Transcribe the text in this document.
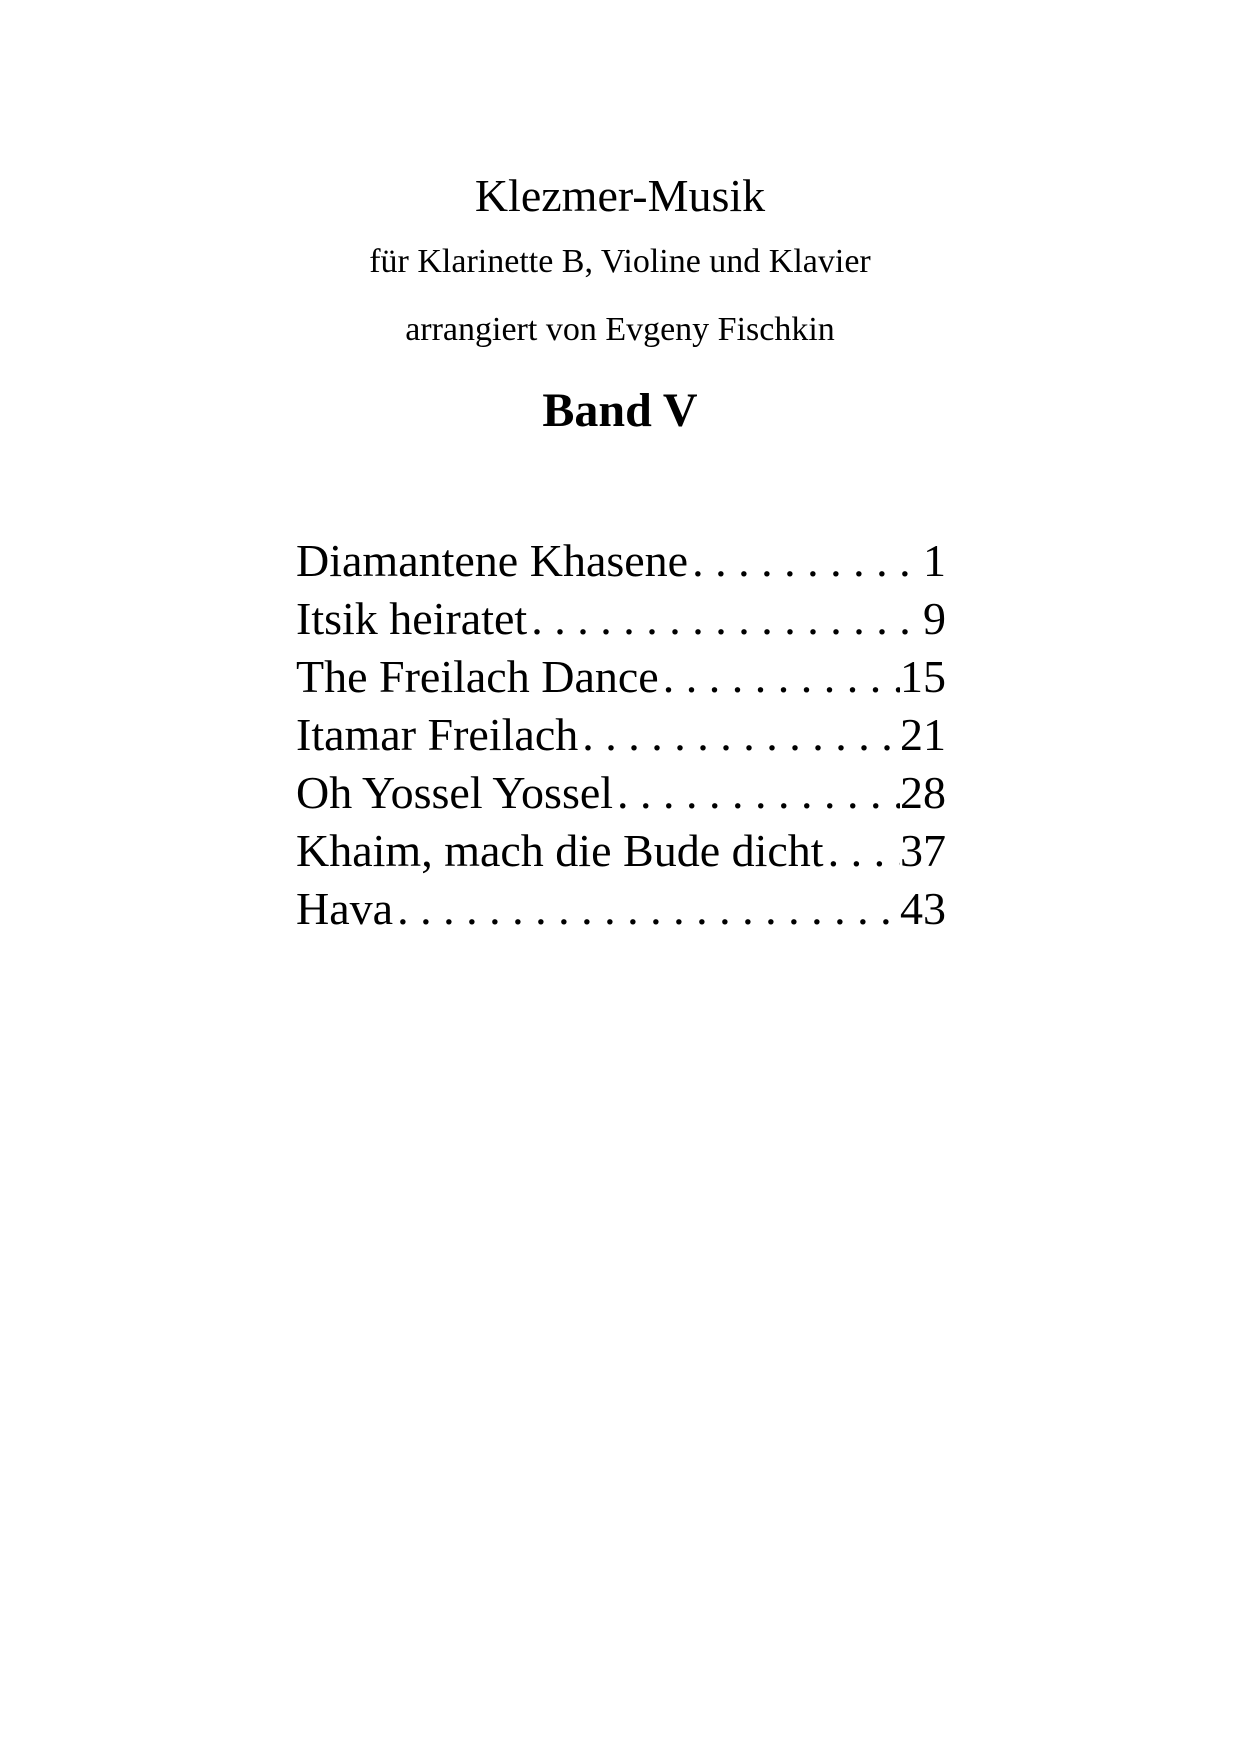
Klezmer-Musik
für Klarinette B, Violine und Klavier
arrangiert von Evgeny Fischkin
Band V
Diamantene Khasene . . .	1
Itsik heiratet . . .	9
The Freilach Dance . . .	15
Itamar Freilach . . .	21
Oh Yossel Yossel . . .	28
Khaim, mach die Bude dicht . . . 37
Hava . . .	43
